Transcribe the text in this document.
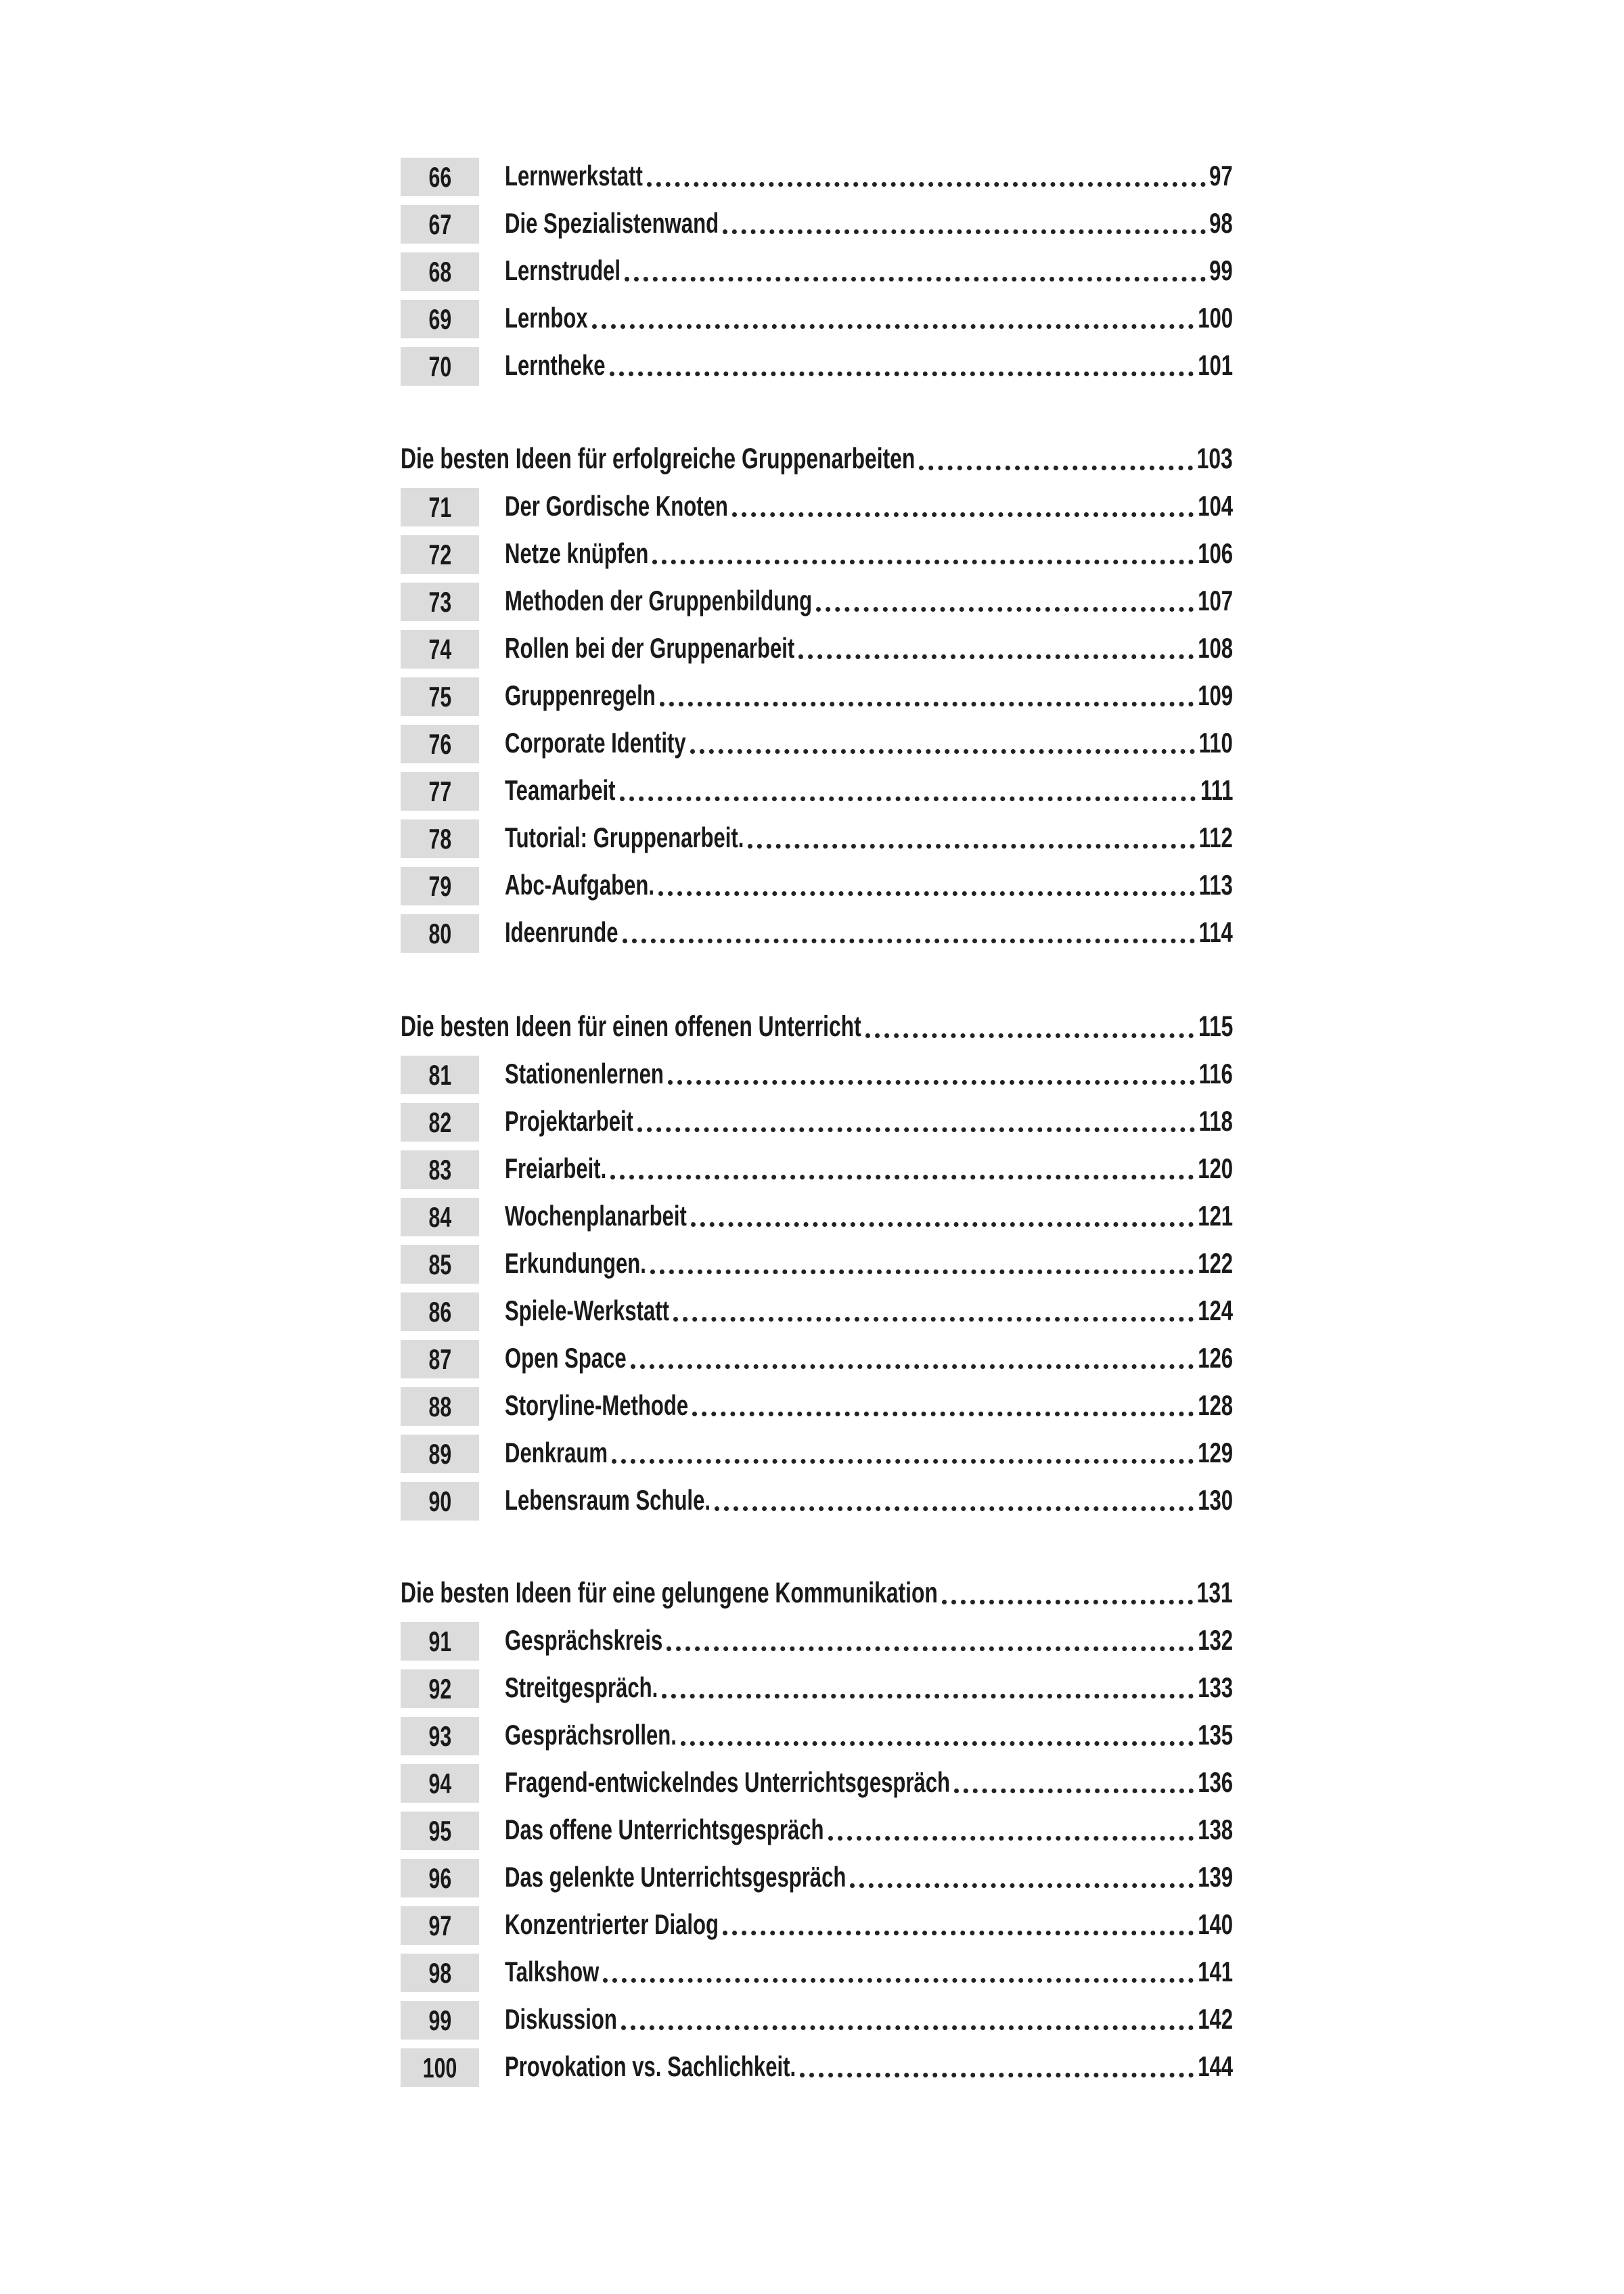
66 Lernwerkstatt	97
67 Die Spezialistenwand	98
68 Lernstrudel	99
69 Lernbox	100
70 Lerntheke	101
Die besten Ideen für erfolgreiche Gruppenarbeiten	103
71 Der Gordische Knoten	104
72 Netze knüpfen	106
73 Methoden der Gruppenbildung	107
74 Rollen bei der Gruppenarbeit	108
75 Gruppenregeln	109
76 Corporate Identity	110
77 Teamarbeit	111
78 Tutorial: Gruppenarbeit.	112
79 Abc-Aufgaben.	113
80 Ideenrunde	114
Die besten Ideen für einen offenen Unterricht	115
81 Stationenlernen	116
82 Projektarbeit	118
83 Freiarbeit.	120
84 Wochenplanarbeit	121
85 Erkundungen.	122
86 Spiele-Werkstatt	124
87 Open Space	126
88 Storyline-Methode	128
89 Denkraum	129
90 Lebensraum Schule.	130
Die besten Ideen für eine gelungene Kommunikation	131
91 Gesprächskreis	132
92 Streitgespräch.	133
93 Gesprächsrollen.	135
94 Fragend-entwickelndes Unterrichtsgespräch	136
95 Das offene Unterrichtsgespräch	138
96 Das gelenkte Unterrichtsgespräch	139
97 Konzentrierter Dialog	140
98 Talkshow	141
99 Diskussion	142
100 Provokation vs. Sachlichkeit.	144
